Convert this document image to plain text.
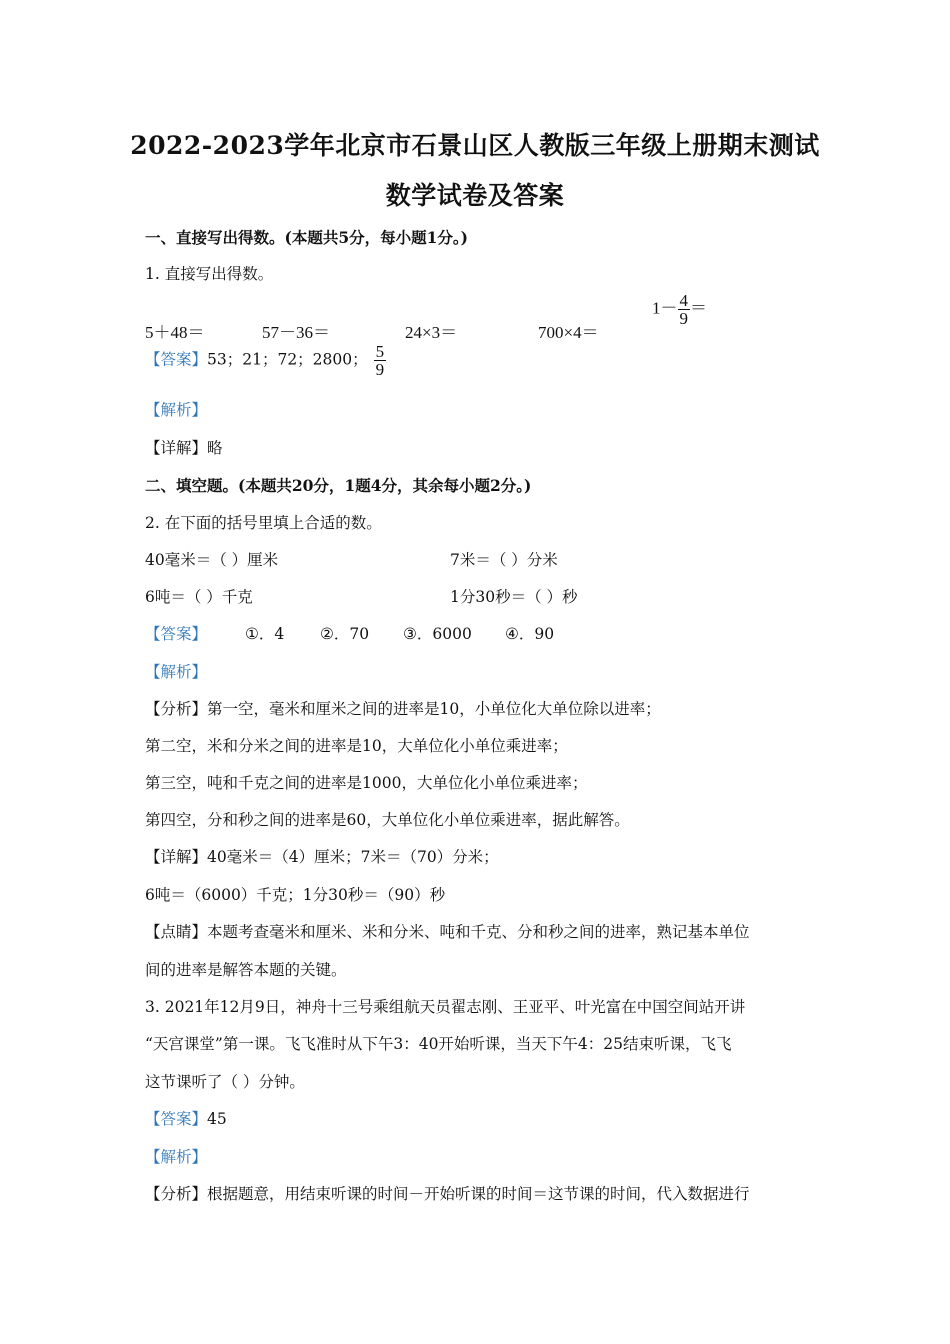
2022-2023学年北京市石景山区人教版三年级上册期末测试
数学试卷及答案
一、直接写出得数。(本题共5分，每小题1分。)
1. 直接写出得数。
5＋48＝	57－36＝	24×3＝	700×4＝
$1- \frac{4}{9}$ ＝
【答案】53；21；72；2800； $\frac{5}{9}$
【解析】
【详解】略
二、填空题。(本题共20分，1题4分，其余每小题2分。)
2. 在下面的括号里填上合适的数。
40毫米＝（ ）厘米	7米＝（ ）分米
6吨＝（ ）千克	1分30秒＝（ ）秒
【答案】 ①．4 ②．70 ③．6000 ④．90
【解析】
【分析】第一空，毫米和厘米之间的进率是10，小单位化大单位除以进率；
第二空，米和分米之间的进率是10，大单位化小单位乘进率；
第三空，吨和千克之间的进率是1000，大单位化小单位乘进率；
第四空，分和秒之间的进率是60，大单位化小单位乘进率，据此解答。
【详解】40毫米＝（4）厘米；7米＝（70）分米；
6吨＝（6000）千克；1分30秒＝（90）秒
【点睛】本题考查毫米和厘米、米和分米、吨和千克、分和秒之间的进率，熟记基本单位
间的进率是解答本题的关键。
3. 2021年12月9日，神舟十三号乘组航天员翟志刚、王亚平、叶光富在中国空间站开讲
“天宫课堂”第一课。飞飞准时从下午3：40开始听课，当天下午4：25结束听课，飞飞
这节课听了（ ）分钟。
【答案】45
【解析】
【分析】根据题意，用结束听课的时间－开始听课的时间＝这节课的时间，代入数据进行
